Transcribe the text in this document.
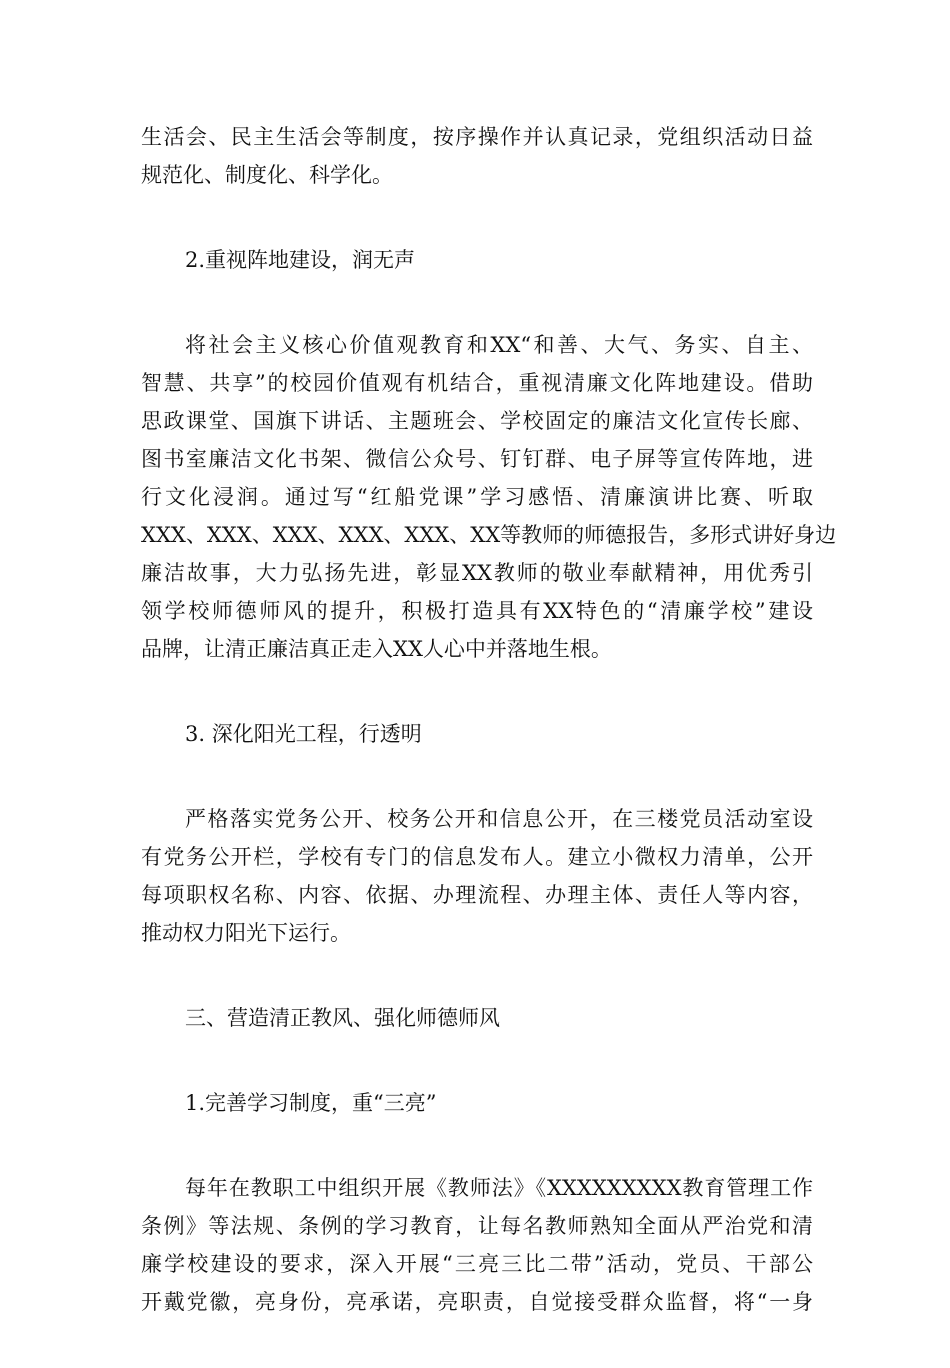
生活会、民主生活会等制度，按序操作并认真记录，党组织活动日益
规范化、制度化、科学化。
2.重视阵地建设，润无声
将社会主义核心价值观教育和XX“和善、大气、务实、自主、
智慧、共享”的校园价值观有机结合，重视清廉文化阵地建设。借助
思政课堂、国旗下讲话、主题班会、学校固定的廉洁文化宣传长廊、
图书室廉洁文化书架、微信公众号、钉钉群、电子屏等宣传阵地，进
行文化浸润。通过写“红船党课”学习感悟、清廉演讲比赛、听取
XXX、XXX、XXX、XXX、XXX、XX等教师的师德报告，多形式讲好身边
廉洁故事，大力弘扬先进，彰显XX教师的敬业奉献精神，用优秀引
领学校师德师风的提升，积极打造具有XX特色的“清廉学校”建设
品牌，让清正廉洁真正走入XX人心中并落地生根。
3. 深化阳光工程，行透明
严格落实党务公开、校务公开和信息公开，在三楼党员活动室设
有党务公开栏，学校有专门的信息发布人。建立小微权力清单，公开
每项职权名称、内容、依据、办理流程、办理主体、责任人等内容，
推动权力阳光下运行。
三、营造清正教风、强化师德师风
1.完善学习制度，重“三亮”
每年在教职工中组织开展《教师法》《XXXXXXXXX教育管理工作
条例》等法规、条例的学习教育，让每名教师熟知全面从严治党和清
廉学校建设的要求，深入开展“三亮三比二带”活动，党员、干部公
开戴党徽，亮身份，亮承诺，亮职责，自觉接受群众监督，将“一身
